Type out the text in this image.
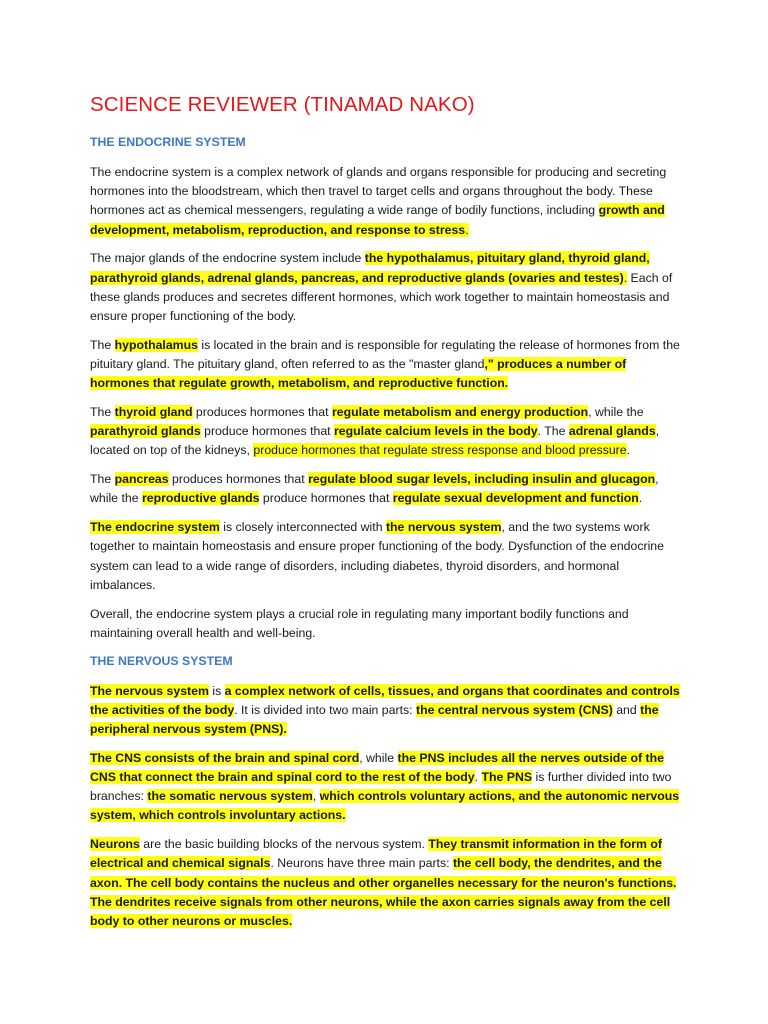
SCIENCE REVIEWER (TINAMAD NAKO)
THE ENDOCRINE SYSTEM

The endocrine system is a complex network of glands and organs responsible for producing and secreting hormones into the bloodstream, which then travel to target cells and organs throughout the body. These hormones act as chemical messengers, regulating a wide range of bodily functions, including growth and development, metabolism, reproduction, and response to stress.

The major glands of the endocrine system include the hypothalamus, pituitary gland, thyroid gland, parathyroid glands, adrenal glands, pancreas, and reproductive glands (ovaries and testes). Each of these glands produces and secretes different hormones, which work together to maintain homeostasis and ensure proper functioning of the body.

The hypothalamus is located in the brain and is responsible for regulating the release of hormones from the pituitary gland. The pituitary gland, often referred to as the "master gland," produces a number of hormones that regulate growth, metabolism, and reproductive function.

The thyroid gland produces hormones that regulate metabolism and energy production, while the parathyroid glands produce hormones that regulate calcium levels in the body. The adrenal glands, located on top of the kidneys, produce hormones that regulate stress response and blood pressure.

The pancreas produces hormones that regulate blood sugar levels, including insulin and glucagon, while the reproductive glands produce hormones that regulate sexual development and function.

The endocrine system is closely interconnected with the nervous system, and the two systems work together to maintain homeostasis and ensure proper functioning of the body. Dysfunction of the endocrine system can lead to a wide range of disorders, including diabetes, thyroid disorders, and hormonal imbalances.

Overall, the endocrine system plays a crucial role in regulating many important bodily functions and maintaining overall health and well-being.

THE NERVOUS SYSTEM

The nervous system is a complex network of cells, tissues, and organs that coordinates and controls the activities of the body. It is divided into two main parts: the central nervous system (CNS) and the peripheral nervous system (PNS).

The CNS consists of the brain and spinal cord, while the PNS includes all the nerves outside of the CNS that connect the brain and spinal cord to the rest of the body. The PNS is further divided into two branches: the somatic nervous system, which controls voluntary actions, and the autonomic nervous system, which controls involuntary actions.

Neurons are the basic building blocks of the nervous system. They transmit information in the form of electrical and chemical signals. Neurons have three main parts: the cell body, the dendrites, and the axon. The cell body contains the nucleus and other organelles necessary for the neuron's functions. The dendrites receive signals from other neurons, while the axon carries signals away from the cell body to other neurons or muscles.
